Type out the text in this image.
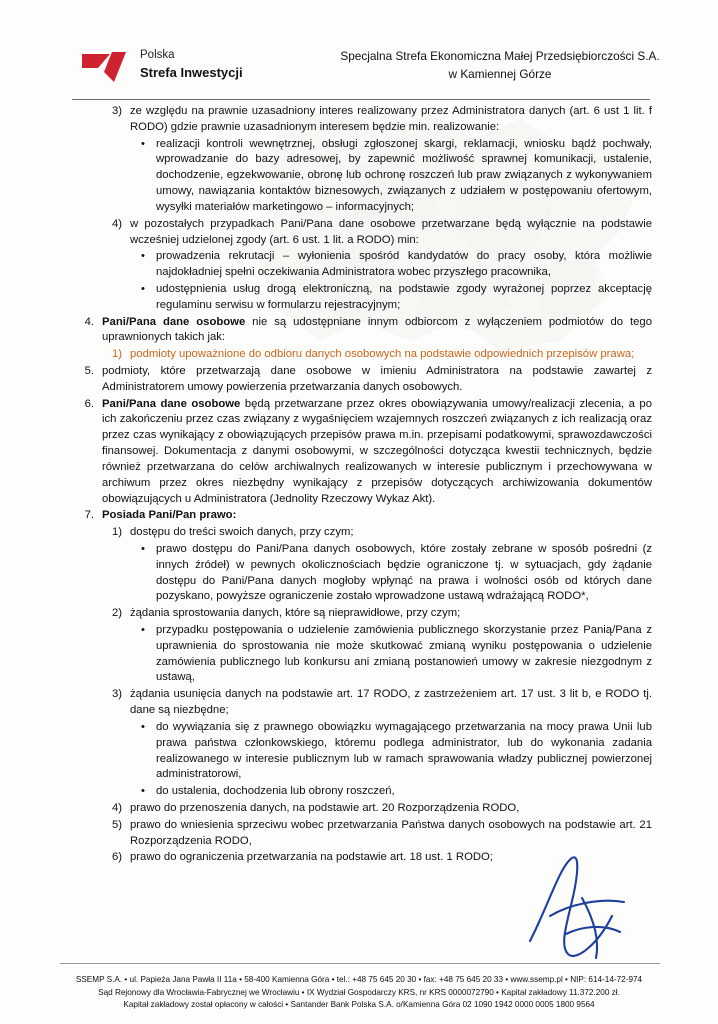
Polska
Strefa Inwestycji
Specjalna Strefa Ekonomiczna Małej Przedsiębiorczości S.A.
w Kamiennej Górze
3) ze względu na prawnie uzasadniony interes realizowany przez Administratora danych (art. 6 ust 1 lit. f RODO) gdzie prawnie uzasadnionym interesem będzie min. realizowanie:
• realizacji kontroli wewnętrznej, obsługi zgłoszonej skargi, reklamacji, wniosku bądź pochwały, wprowadzanie do bazy adresowej, by zapewnić możliwość sprawnej komunikacji, ustalenie, dochodzenie, egzekwowanie, obronę lub ochronę roszczeń lub praw związanych z wykonywaniem umowy, nawiązania kontaktów biznesowych, związanych z udziałem w postępowaniu ofertowym, wysyłki materiałów marketingowo – informacyjnych;
4) w pozostałych przypadkach Pani/Pana dane osobowe przetwarzane będą wyłącznie na podstawie wcześniej udzielonej zgody (art. 6 ust. 1 lit. a RODO) min:
• prowadzenia rekrutacji – wyłonienia spośród kandydatów do pracy osoby, która możliwie najdokładniej spełni oczekiwania Administratora wobec przyszłego pracownika,
• udostępnienia usług drogą elektroniczną, na podstawie zgody wyrażonej poprzez akceptację regulaminu serwisu w formularzu rejestracyjnym;
4. Pani/Pana dane osobowe nie są udostępniane innym odbiorcom z wyłączeniem podmiotów do tego uprawnionych takich jak:
1) podmioty upoważnione do odbioru danych osobowych na podstawie odpowiednich przepisów prawa;
5. podmioty, które przetwarzają dane osobowe w imieniu Administratora na podstawie zawartej z Administratorem umowy powierzenia przetwarzania danych osobowych.
6. Pani/Pana dane osobowe będą przetwarzane przez okres obowiązywania umowy/realizacji zlecenia, a po ich zakończeniu przez czas związany z wygaśnięciem wzajemnych roszczeń związanych z ich realizacją oraz przez czas wynikający z obowiązujących przepisów prawa m.in. przepisami podatkowymi, sprawozdawczości finansowej. Dokumentacja z danymi osobowymi, w szczególności dotycząca kwestii technicznych, będzie również przetwarzana do celów archiwalnych realizowanych w interesie publicznym i przechowywana w archiwum przez okres niezbędny wynikający z przepisów dotyczących archiwizowania dokumentów obowiązujących u Administratora (Jednolity Rzeczowy Wykaz Akt).
7. Posiada Pani/Pan prawo:
1) dostępu do treści swoich danych, przy czym;
• prawo dostępu do Pani/Pana danych osobowych, które zostały zebrane w sposób pośredni (z innych źródeł) w pewnych okolicznościach będzie ograniczone tj. w sytuacjach, gdy żądanie dostępu do Pani/Pana danych mogłoby wpłynąć na prawa i wolności osób od których dane pozyskano, powyższe ograniczenie zostało wprowadzone ustawą wdrażającą RODO*,
2) żądania sprostowania danych, które są nieprawidłowe, przy czym;
• przypadku postępowania o udzielenie zamówienia publicznego skorzystanie przez Panią/Pana z uprawnienia do sprostowania nie może skutkować zmianą wyniku postępowania o udzielenie zamówienia publicznego lub konkursu ani zmianą postanowień umowy w zakresie niezgodnym z ustawą,
3) żądania usunięcia danych na podstawie art. 17 RODO, z zastrzeżeniem art. 17 ust. 3 lit b, e RODO tj. dane są niezbędne;
• do wywiązania się z prawnego obowiązku wymagającego przetwarzania na mocy prawa Unii lub prawa państwa członkowskiego, któremu podlega administrator, lub do wykonania zadania realizowanego w interesie publicznym lub w ramach sprawowania władzy publicznej powierzonej administratorowi,
• do ustalenia, dochodzenia lub obrony roszczeń,
4) prawo do przenoszenia danych, na podstawie art. 20 Rozporządzenia RODO,
5) prawo do wniesienia sprzeciwu wobec przetwarzania Państwa danych osobowych na podstawie art. 21 Rozporządzenia RODO,
6) prawo do ograniczenia przetwarzania na podstawie art. 18 ust. 1 RODO;
SSEMP S.A. • ul. Papieża Jana Pawła II 11a • 58-400 Kamienna Góra • tel.: +48 75 645 20 30 • fax: +48 75 645 20 33 • www.ssemp.pl • NIP: 614-14-72-974
Sąd Rejonowy dla Wrocławia-Fabrycznej we Wrocławiu • IX Wydział Gospodarczy KRS, nr KRS 0000072790 • Kapitał zakładowy 11.372.200 zł.
Kapitał zakładowy został opłacony w całości • Santander Bank Polska S.A. o/Kamienna Góra 02 1090 1942 0000 0005 1800 9564
